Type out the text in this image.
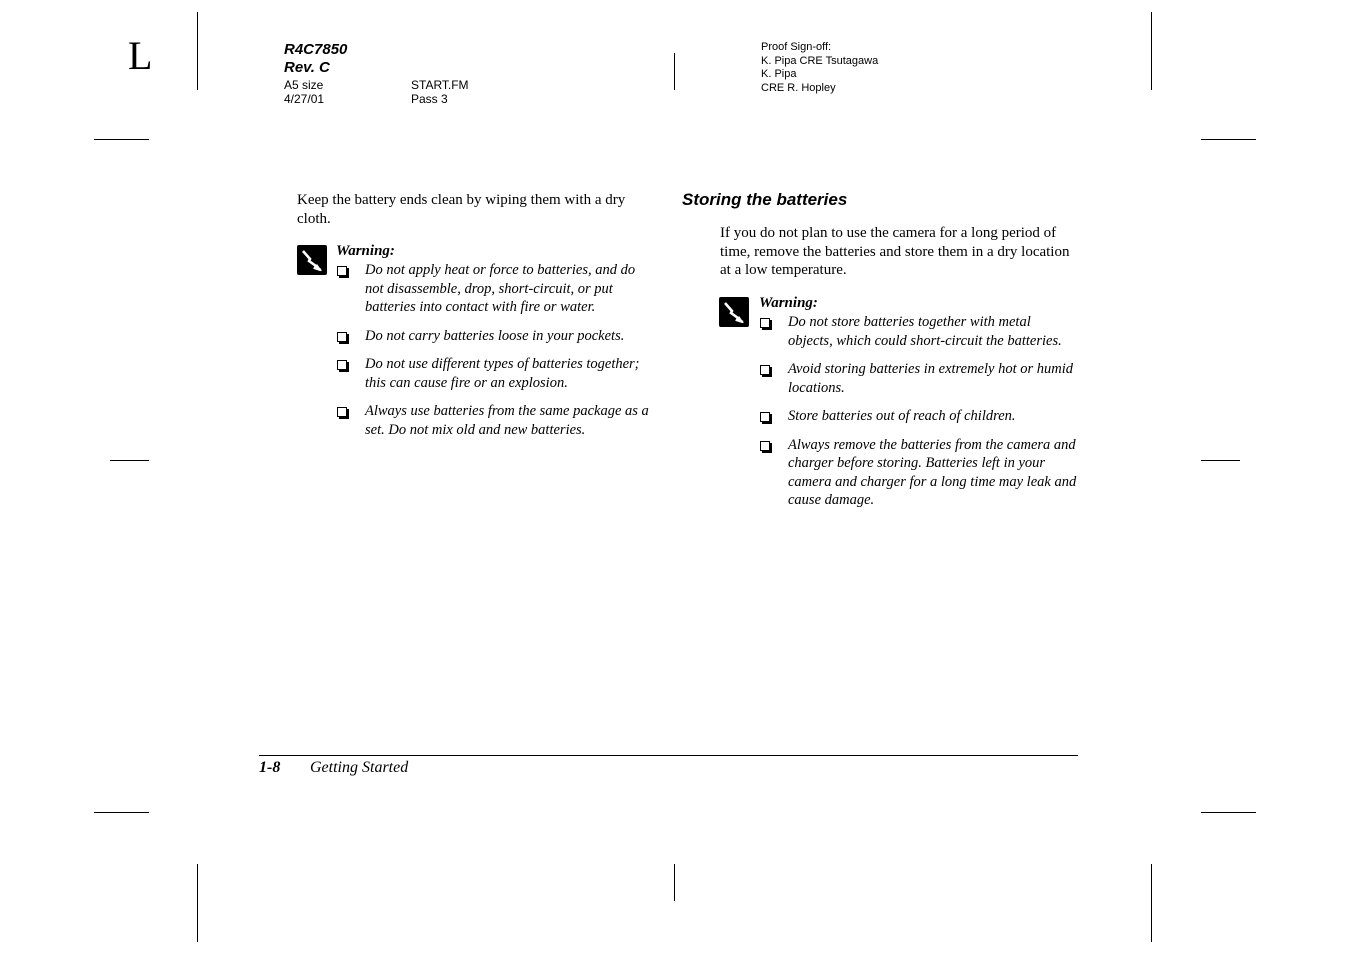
L	R4C7850
Rev. C
A5 size
4/27/01
START.FM
Pass 3
Proof Sign-off:
K. Pipa CRE Tsutagawa
K. Pipa
CRE R. Hopley
Keep the battery ends clean by wiping them with a dry cloth.
Warning:
Do not apply heat or force to batteries, and do not disassemble, drop, short-circuit, or put batteries into contact with fire or water.
Do not carry batteries loose in your pockets.
Do not use different types of batteries together; this can cause fire or an explosion.
Always use batteries from the same package as a set. Do not mix old and new batteries.
Storing the batteries
If you do not plan to use the camera for a long period of time, remove the batteries and store them in a dry location at a low temperature.
Warning:
Do not store batteries together with metal objects, which could short-circuit the batteries.
Avoid storing batteries in extremely hot or humid locations.
Store batteries out of reach of children.
Always remove the batteries from the camera and charger before storing. Batteries left in your camera and charger for a long time may leak and cause damage.
1-8 Getting Started
